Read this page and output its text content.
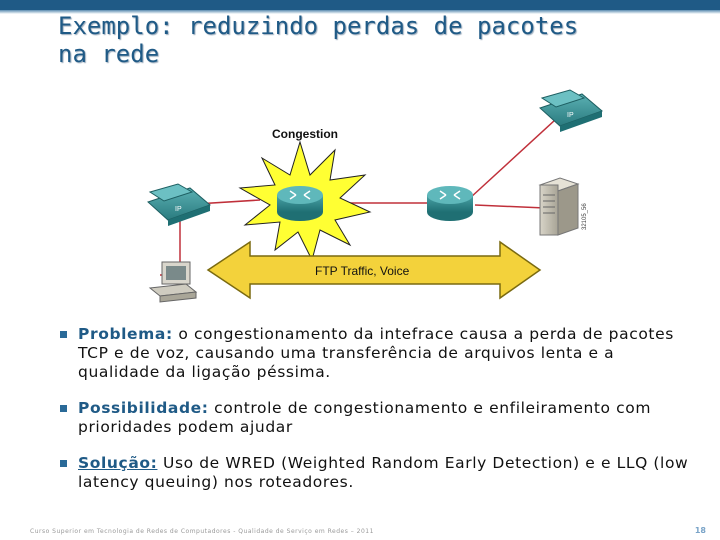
Exemplo: reduzindo perdas de pacotes
na rede
Congestion
IP
IP
32105_56
FTP Traffic, Voice
Problema: o congestionamento da intefrace causa a perda de pacotes TCP e de voz, causando uma transferência de arquivos lenta e a qualidade da ligação péssima.
Possibilidade: controle de congestionamento e enfileiramento com prioridades podem ajudar
Solução: Uso de WRED (Weighted Random Early Detection) e e LLQ (low latency queuing) nos roteadores.
Curso Superior em Tecnologia de Redes de Computadores - Qualidade de Serviço em Redes – 2011	18
